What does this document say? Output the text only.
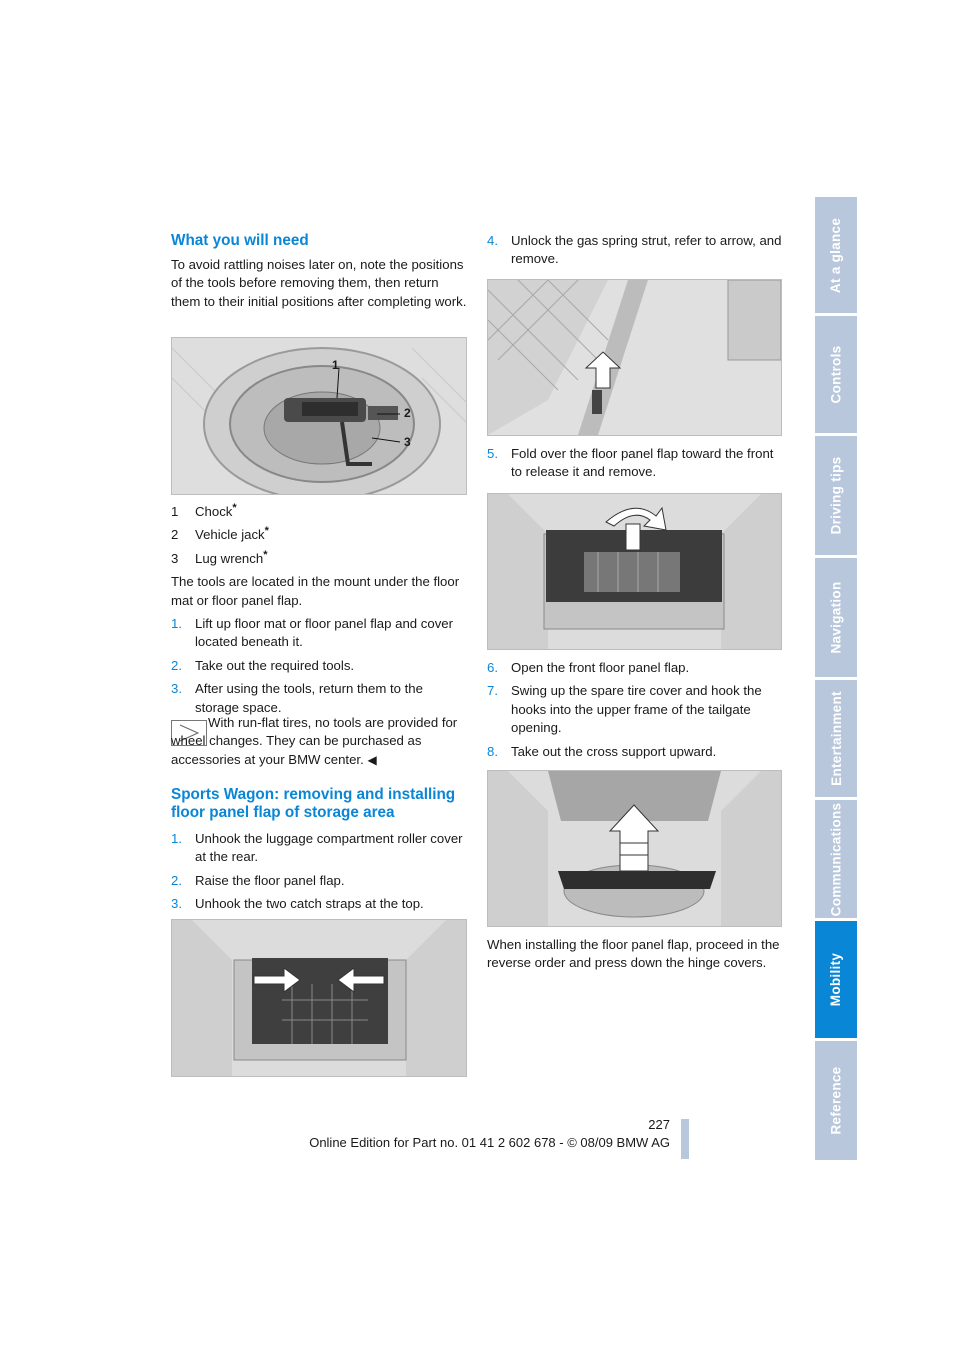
At a glance
Controls
Driving tips
Navigation
Entertainment
Communications
Mobility
Reference
What you will need

To avoid rattling noises later on, note the positions of the tools before removing them, then return them to their initial positions after completing work.

1
2
3
1 Chock*
2 Vehicle jack*
3 Lug wrench*

The tools are located in the mount under the floor mat or floor panel flap.

1. Lift up floor mat or floor panel flap and cover located beneath it.
2. Take out the required tools.
3. After using the tools, return them to the storage space.

With run-flat tires, no tools are provided for wheel changes. They can be purchased as accessories at your BMW center. ◀

Sports Wagon: removing and installing floor panel flap of storage area
1. Unhook the luggage compartment roller cover at the rear.
2. Raise the floor panel flap.
3. Unhook the two catch straps at the top.
4. Unlock the gas spring strut, refer to arrow, and remove.
5. Fold over the floor panel flap toward the front to release it and remove.
6. Open the front floor panel flap.
7. Swing up the spare tire cover and hook the hooks into the upper frame of the tailgate opening.
8. Take out the cross support upward.

When installing the floor panel flap, proceed in the reverse order and press down the hinge covers.

227
Online Edition for Part no. 01 41 2 602 678 - © 08/09 BMW AG
